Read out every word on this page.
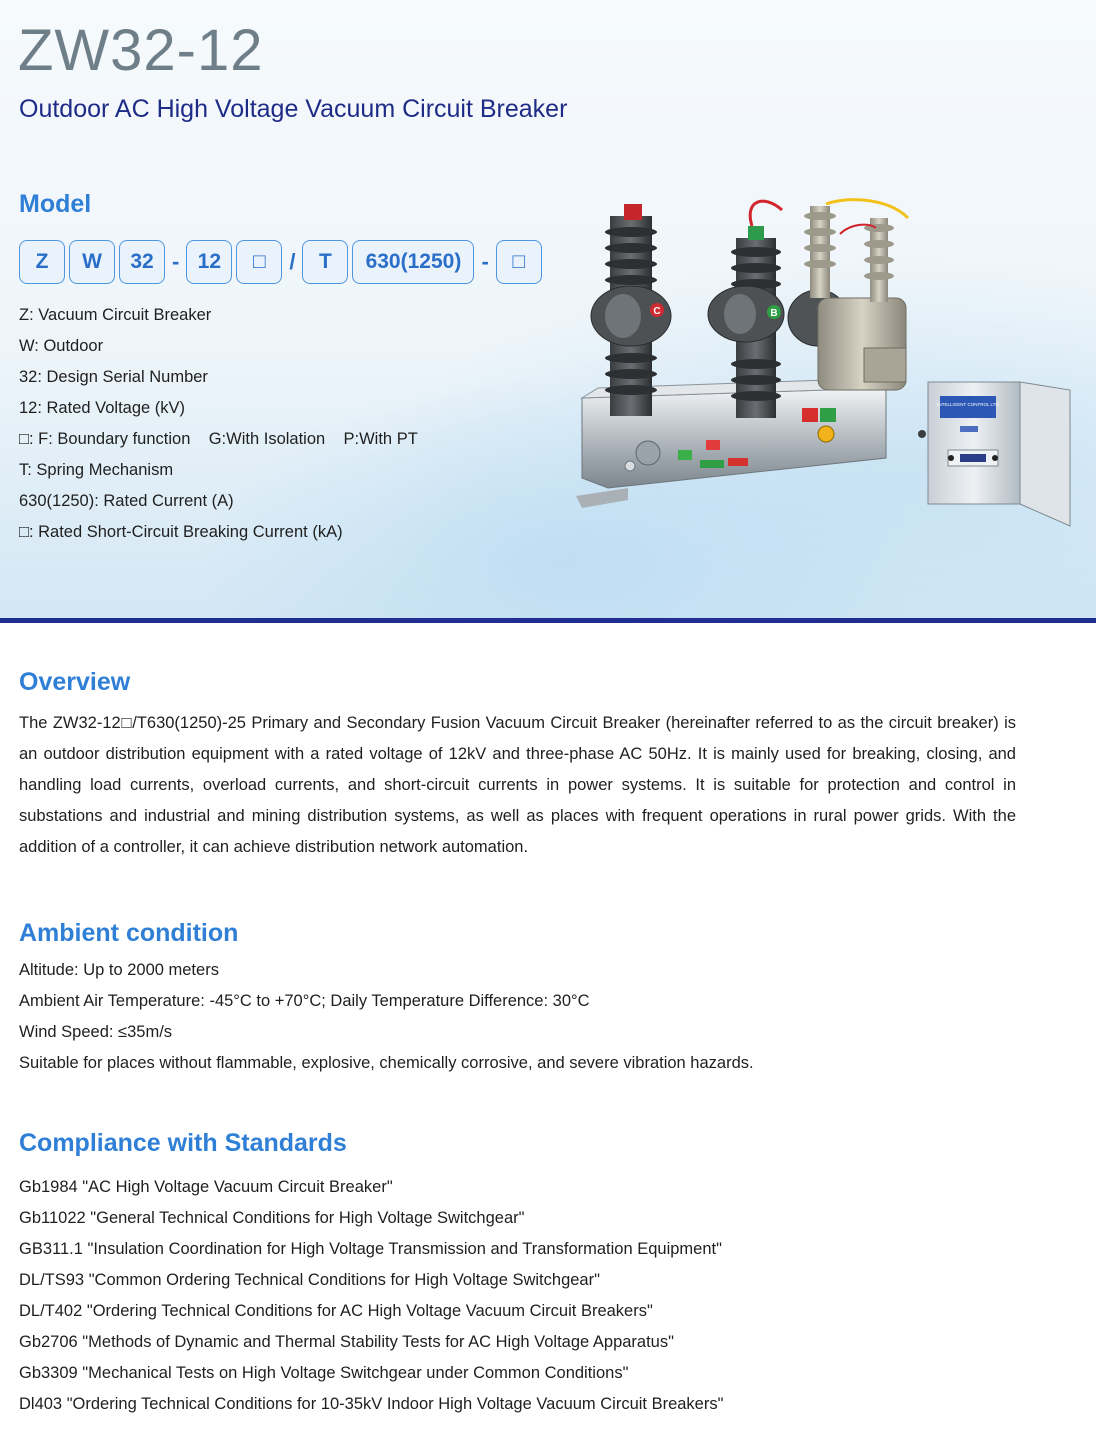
ZW32-12
Outdoor AC High Voltage Vacuum Circuit Breaker
Model
Z	W	32 - 12	□	/	T	630(1250) -	□
Z: Vacuum Circuit Breaker
W: Outdoor
32: Design Serial Number
12: Rated Voltage (kV)
□: F: Boundary function    G:With Isolation    P:With PT
T: Spring Mechanism
630(1250): Rated Current (A)
□: Rated Short-Circuit Breaking Current (kA)
C	B
INTELLIGENT CONTROL LTD
Overview

The ZW32-12□/T630(1250)-25 Primary and Secondary Fusion Vacuum Circuit Breaker (hereinafter referred to as the circuit breaker) is an outdoor distribution equipment with a rated voltage of 12kV and three-phase AC 50Hz. It is mainly used for breaking, closing, and handling load currents, overload currents, and short-circuit currents in power systems. It is suitable for protection and control in substations and industrial and mining distribution systems, as well as places with frequent operations in rural power grids. With the addition of a controller, it can achieve distribution network automation.

Ambient condition
Altitude: Up to 2000 meters
Ambient Air Temperature: -45°C to +70°C; Daily Temperature Difference: 30°C
Wind Speed: ≤35m/s
Suitable for places without flammable, explosive, chemically corrosive, and severe vibration hazards.
Compliance with Standards
Gb1984 "AC High Voltage Vacuum Circuit Breaker"
Gb11022 "General Technical Conditions for High Voltage Switchgear"
GB311.1 "Insulation Coordination for High Voltage Transmission and Transformation Equipment"
DL/TS93 "Common Ordering Technical Conditions for High Voltage Switchgear"
DL/T402 "Ordering Technical Conditions for AC High Voltage Vacuum Circuit Breakers"
Gb2706 "Methods of Dynamic and Thermal Stability Tests for AC High Voltage Apparatus"
Gb3309 "Mechanical Tests on High Voltage Switchgear under Common Conditions"
Dl403 "Ordering Technical Conditions for 10-35kV Indoor High Voltage Vacuum Circuit Breakers"
